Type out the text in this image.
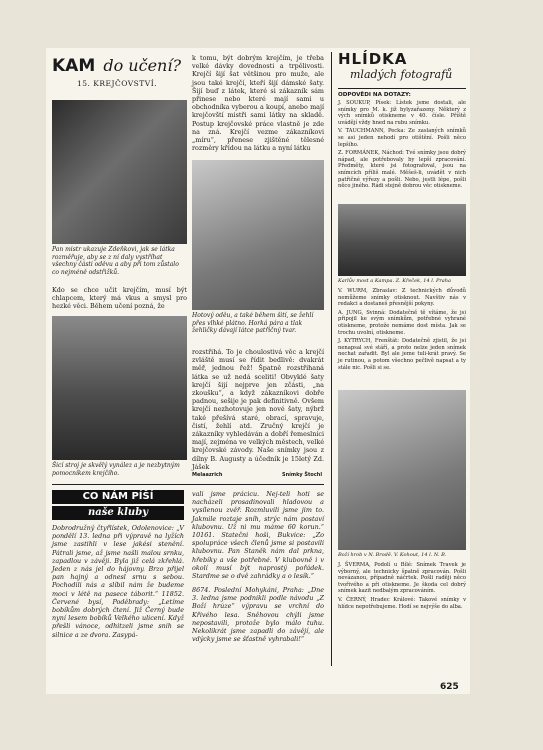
KAM do učení?
15. KREJČOVSTVÍ.
Pan mistr ukazuje Zdeňkovi, jak se látka rozměřuje, aby se z ní daly vystříhat všechny části oděvu a aby při tom zůstalo co nejméně odstřižků.
Kdo se chce učit krejčím, musí být chlapcem, který má vkus a smysl pro hezké věci. Během učení pozná, že
Šicí stroj je skvělý vynález a je nezbytným pomocníkem krejčího.
k tomu, být dobrým krejčím, je třeba velké dávky dovednosti a trpělivosti. Krejčí šijí šat většinou pro muže, ale jsou také krejčí, kteří šijí dámské šaty. Šijí buď z látek, které si zákazník sám přinese nebo které mají sami u obchodníka vyberou a koupí, anebo mají krejčovští mistři sami látky na skladě. Postup krejčovské práce vlastně je zde na zná. Krejčí vezme zákazníkovi „míru“, přenese zjištěné tělesné rozměry křídou na látku a nyní látku
Hotový oděu, a také během šití, se žehlí přes vlhké plátno. Horká pára a tlak žehličky dávají látce patřičný tvar.
rozstřihá. To je choulostivá věc a krejčí zvláště musí se řídit bedlivě: dvakrát měř, jednou řež! Špatně rozstřihaná látka se už nedá sceliti! Obvyklé šaty krejčí šijí nejprve jen zčásti, „na zkoušku“, a když zákazníkovi dobře padnou, sešije je pak definitivně. Ovšem krejčí nezhotovuje jen nové šaty, nýbrž také přešívá staré, obrací, spravuje, čistí, žehlí atd. Zručný krejčí je zákazníky vyhledáván a dobří řemeslníci mají, zejména ve velkých městech, velké krejčovské závody. Naše snímky jsou z dílny B. Augusty a účedník je 15letý Zd. Jášek
Melaazrich	Snímky Štochl
HLÍDKA
mladých fotografů
ODPOVĚDI NA DOTAZY:
J. SOUKUP, Písek: Lístek jsme dostali, ale snímky pro M. k. již bylyzařazeny. Některý z vých snímků otiskneme v 40. čísle. Příště uvádějí vždy hned na rubu snímku.
V. TAUCHMANN, Pecka: Ze zaslaných snímků se asi jeden nehodí pro otištění. Pošli něco lepšího.
Z. FORMÁNEK, Náchod: Tvé snímky jsou dobrý nápad, ale potřebovaly by lepší zpracování. Předměty, které jsi fotografoval, jsou na snímcích příliš malé. Měšeš-li, uvádět v nich patřičné výřezy a pošli. Nebo, jestli lépe, pošli něco jiného. Rádi stejně dobrou věc otiskneme.
Karlův most a Kampa. Z. Křeček, 14 l. Praha
V. WURM, Zbraslav: Z technických důvodů nemůžeme snímky otisknout. Navštiv nás v redakci a dostaneš přesnější pokyny.
A. JUNG, Svinná: Dodatečně tě vítáme, že jsi připojil ke svým snímkům, potřebné vyhrané otiskneme, protože nemáme dost místa. Jak se trochu uvolní, otiskneme.
J. KYTRYCH, Frenštát: Dodatečně zjistil, že jsi nenapsal své stáří, a proto nelze jeden snímek nechat zařadit. Byl ale jeme tuli-krát pravý. Se je rutinou, a potom všechno pečlivě napsat a ty stále nic. Pošli si se.
Boží hrob v N. Brodě. V. Kohout, 14 l. N. B.
J. ŠVERMA, Podolí u Bílé: Snímek Travek je výborný, ale technicky špatně zpracován. Pošli nevázanou, případně náčrtek. Pošli raději něco tvořivého a při otiskneme. Je škoda cel dobrý snímek kazit nedbalým zpracováním.
V. ČERNÝ, Hradec Králové: Takové snímky v hlídce nepotřebujeme. Hodí se nejvýše do alba.
CO NÁM PÍŠÍ
naše kluby
Dobrodružný čtyřlístek, Odolenovice: „V pondělí 13. ledna při výpravě na lyžích jsme zastihli v lese jakési stenění. Pátrali jsme, až jsme našli malou srnku, zapadlou v závěji. Byla již celá zkřehlá. Jeden z nás jel do hájovny. Brzo přijel pan hajný a odnesl srnu s sebou. Pochodili nás a slíbil nám že budeme moci v létě na pasece táborit.“ 11852. Červené bysí, Poděbrady: „Letíme bobíkům dobrých čtení. Již Černý bude nyní lesem bobíků Velkého ulicení. Když přešli vánoce, odhitzeli jsme snih se silnice a ze dvora. Zasypá-
vali jsme prácicu. Nej-teli hoti se nacházeli prosadinovali hladovou a vysílenou zvěř. Rozmluvili jsme jim to. Jakmile roztaje sníh, strýc nám postaví klubovnu. Už ni mu máme 60 korun.“ 10161. Statečni hoši, Bukvice: „Zo spolupráce všech členů jsme si postavili klubovnu. Pan Staněk nám dal prkna, hřebíky a vše potřebné. V klubovně i v okolí musí být naprostý pořádek. Stardme se o dvě zahrádky a o lesík.“
8674. Poslední Mohykáni, Praha: „Dne 3. ledna jsme podnikli podle návodu „Z Boží hrúze“ výpravu se vrchní do Křivého lesa. Sněhovou chýli jsme nepostavili, protože bylo málo tuhu. Nekolikrát jsme zapadli do závějí, ale vdýcky jsme se šťastně vyhrabali!“
625
